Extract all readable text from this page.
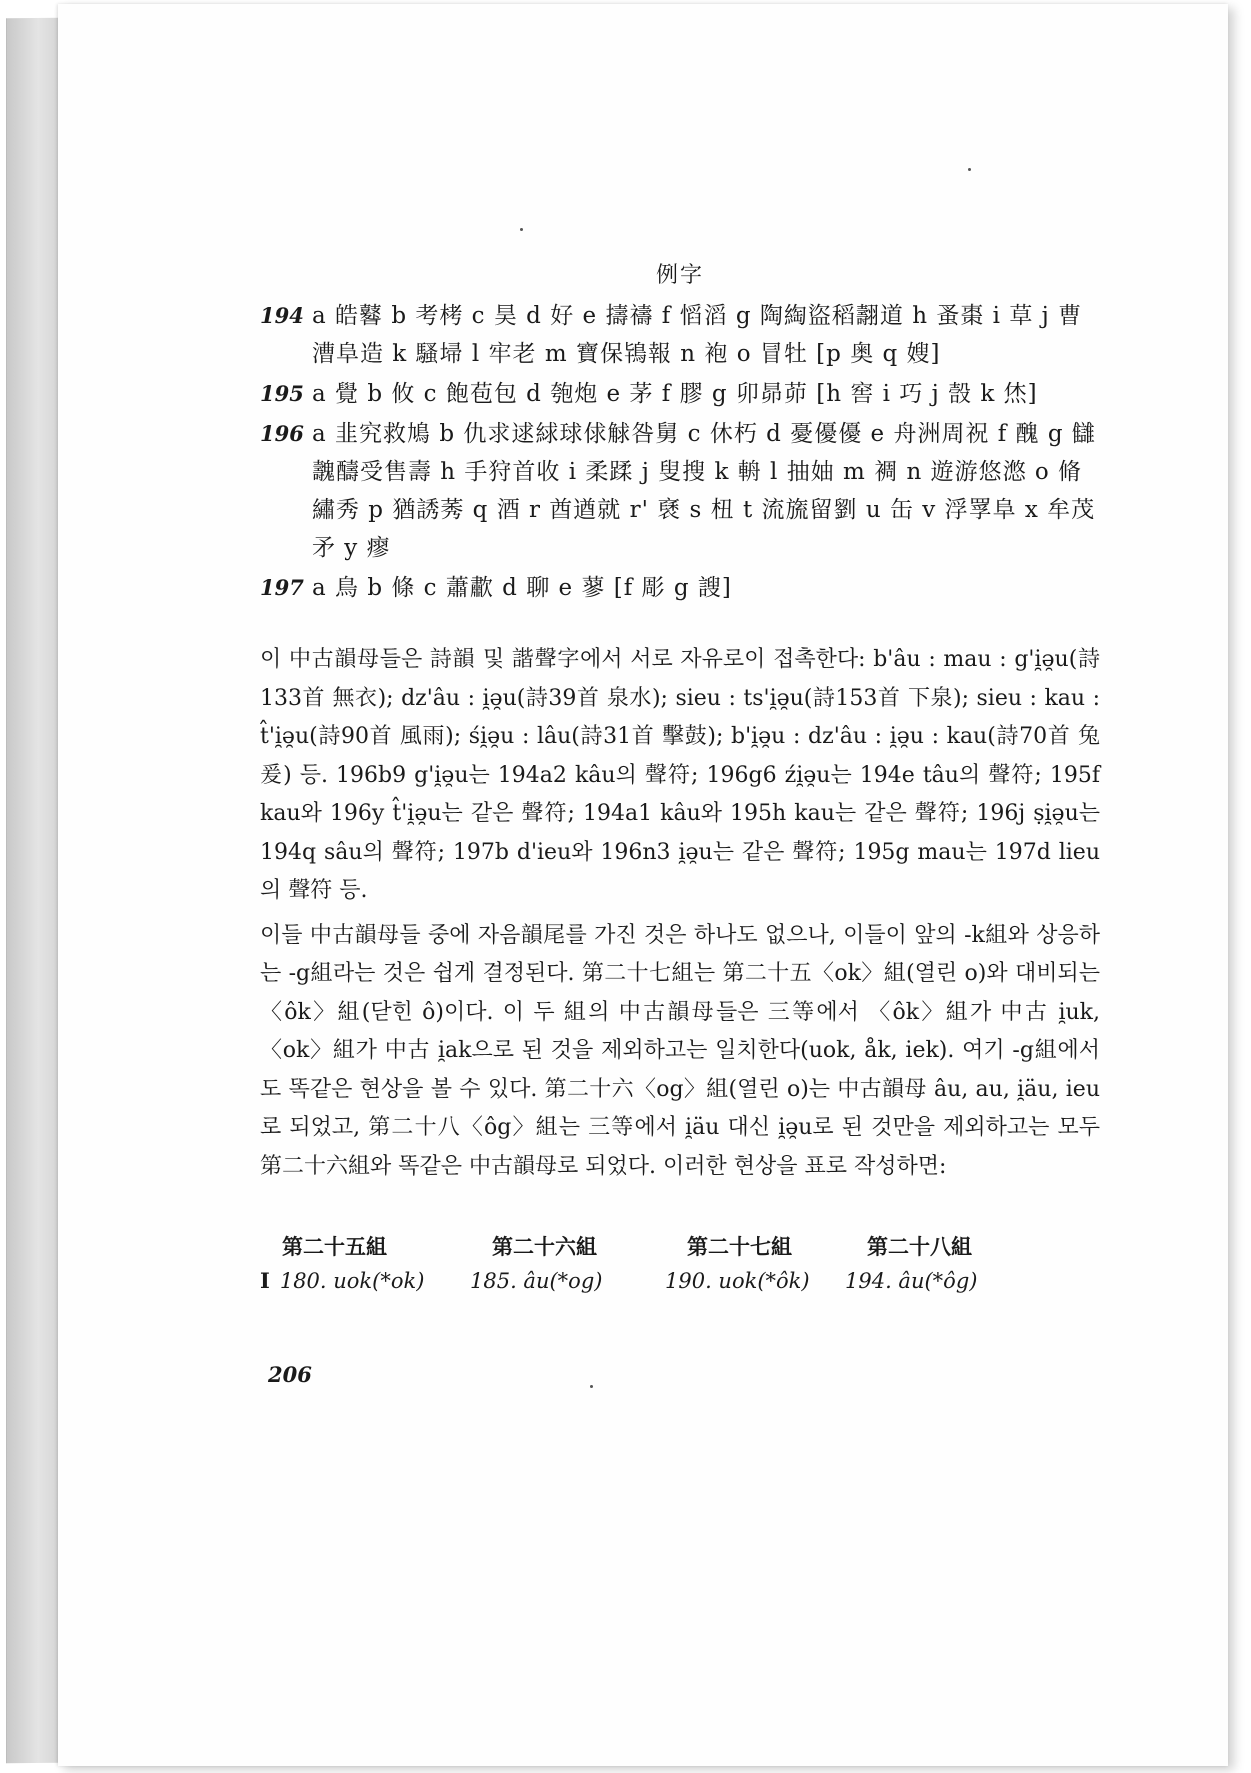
例字
194 a 皓鼛 b 考栲 c 昊 d 好 e 擣禱 f 慆滔 g 陶綯盜稻翿道 h 蚤棗 i 草 j 曹漕阜造 k 騷埽 l 牢老 m 寶保鴇報 n 袍 o 冒牡 [p 奥 q 嫂]
195 a 覺 b 攸 c 飽苞包 d 匏炮 e 茅 f 膠 g 卯昴茆 [h 窖 i 巧 j 嗀 k 烋]
196 a 韭究救鳩 b 仇求逑絿球俅觩咎舅 c 休朽 d 憂優優 e 舟洲周祝 f 醜 g 讎魗醻受售壽 h 手狩首收 i 柔蹂 j 叟搜 k 輈 l 抽妯 m 裯 n 遊游悠滺 o 脩繡秀 p 猶誘莠 q 酒 r 酋遒就 r' 褎 s 杻 t 流旒留劉 u 缶 v 浮罦阜 x 牟茂矛 y 瘳
197 a 鳥 b 條 c 蕭歗 d 聊 e 蓼 [f 彫 g 謏]

이 中古韻母들은 詩韻 및 諧聲字에서 서로 자유로이 접촉한다: b'âu : mau : g'i̯ə̯u(詩133首 無衣); dz'âu : i̯ə̯u(詩39首 泉水); sieu : ts'i̯ə̯u(詩153首 下泉); sieu : kau : t̂'i̯ə̯u(詩90首 風雨); śi̯ə̯u : lâu(詩31首 擊鼓); b'i̯ə̯u : dz'âu : i̯ə̯u : kau(詩70首 兔爰) 등. 196b9 g'i̯ə̯u는 194a2 kâu의 聲符; 196g6 źi̯ə̯u는 194e tâu의 聲符; 195f kau와 196y t̂'i̯ə̯u는 같은 聲符; 194a1 kâu와 195h kau는 같은 聲符; 196j ṣi̯ə̯u는 194q sâu의 聲符; 197b d'ieu와 196n3 i̯ə̯u는 같은 聲符; 195g mau는 197d lieu의 聲符 등.

이들 中古韻母들 중에 자음韻尾를 가진 것은 하나도 없으나, 이들이 앞의 -k組와 상응하는 -g組라는 것은 쉽게 결정된다. 第二十七組는 第二十五〈ok〉組(열린 o)와 대비되는 〈ôk〉組(닫힌 ô)이다. 이 두 組의 中古韻母들은 三等에서 〈ôk〉組가 中古 i̯uk, 〈ok〉組가 中古 i̯ak으로 된 것을 제외하고는 일치한다(uok, åk, iek). 여기 -g組에서도 똑같은 현상을 볼 수 있다. 第二十六〈og〉組(열린 o)는 中古韻母 âu, au, i̯äu, ieu로 되었고, 第二十八〈ôg〉組는 三等에서 i̯äu 대신 i̯ə̯u로 된 것만을 제외하고는 모두 第二十六組와 똑같은 中古韻母로 되었다. 이러한 현상을 표로 작성하면:

第二十五組	第二十六組	第二十七組	第二十八組
I 180. uok(*ok)	185. âu(*og)	190. uok(*ôk)	194. âu(*ôg)
206
